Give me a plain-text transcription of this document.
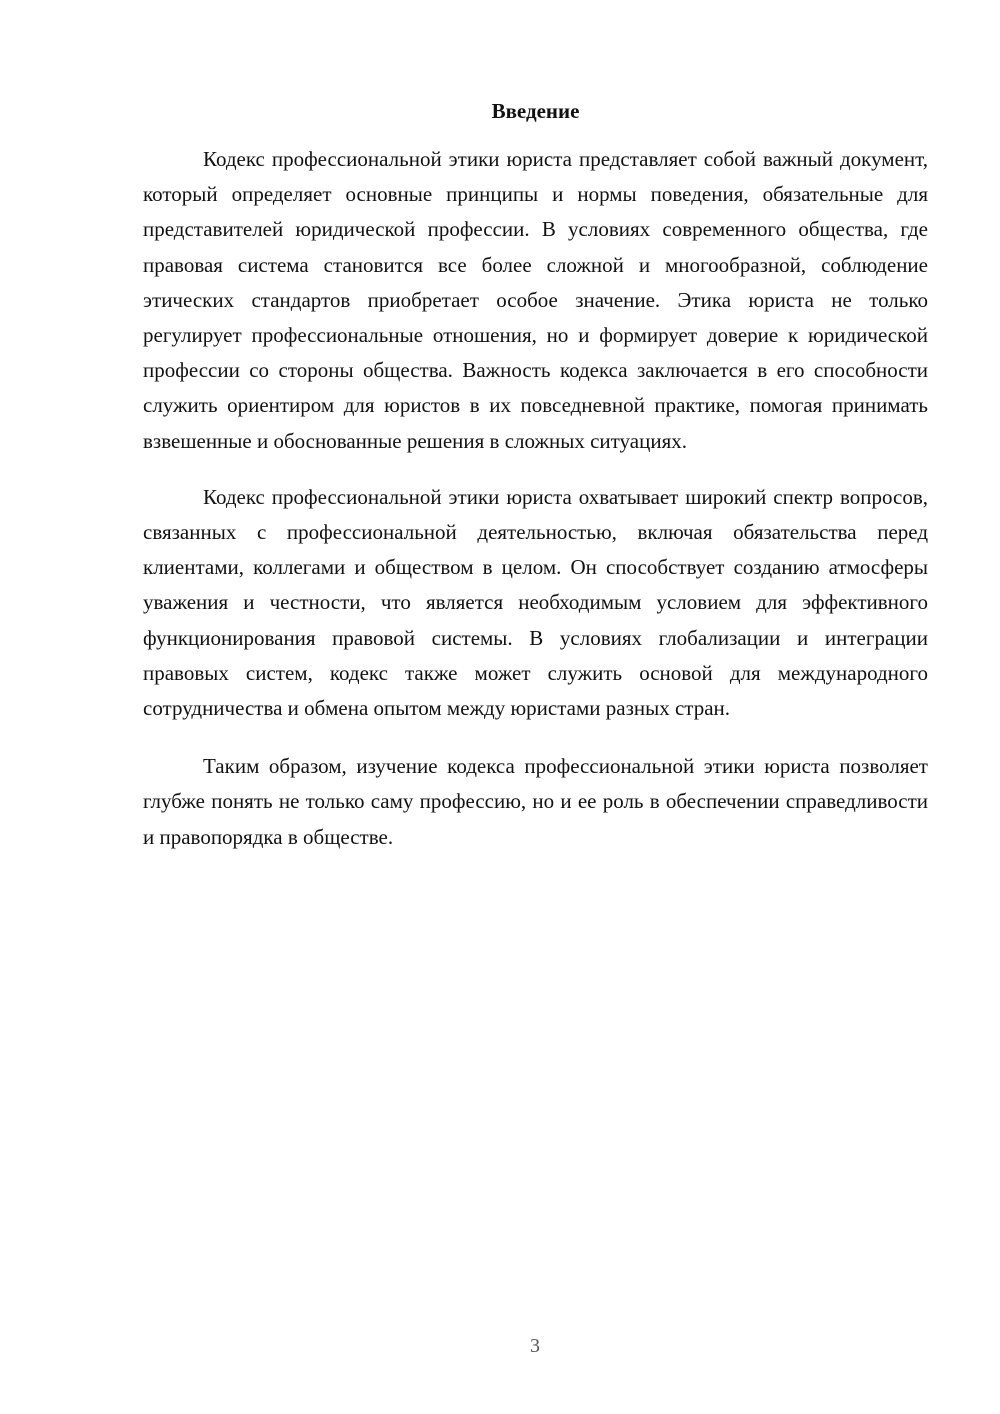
Введение

Кодекс профессиональной этики юриста представляет собой важный документ, который определяет основные принципы и нормы поведения, обязательные для представителей юридической профессии. В условиях современного общества, где правовая система становится все более сложной и многообразной, соблюдение этических стандартов приобретает особое значение. Этика юриста не только регулирует профессиональные отношения, но и формирует доверие к юридической профессии со стороны общества. Важность кодекса заключается в его способности служить ориентиром для юристов в их повседневной практике, помогая принимать взвешенные и обоснованные решения в сложных ситуациях.

Кодекс профессиональной этики юриста охватывает широкий спектр вопросов, связанных с профессиональной деятельностью, включая обязательства перед клиентами, коллегами и обществом в целом. Он способствует созданию атмосферы уважения и честности, что является необходимым условием для эффективного функционирования правовой системы. В условиях глобализации и интеграции правовых систем, кодекс также может служить основой для международного сотрудничества и обмена опытом между юристами разных стран.

Таким образом, изучение кодекса профессиональной этики юриста позволяет глубже понять не только саму профессию, но и ее роль в обеспечении справедливости и правопорядка в обществе.

3
